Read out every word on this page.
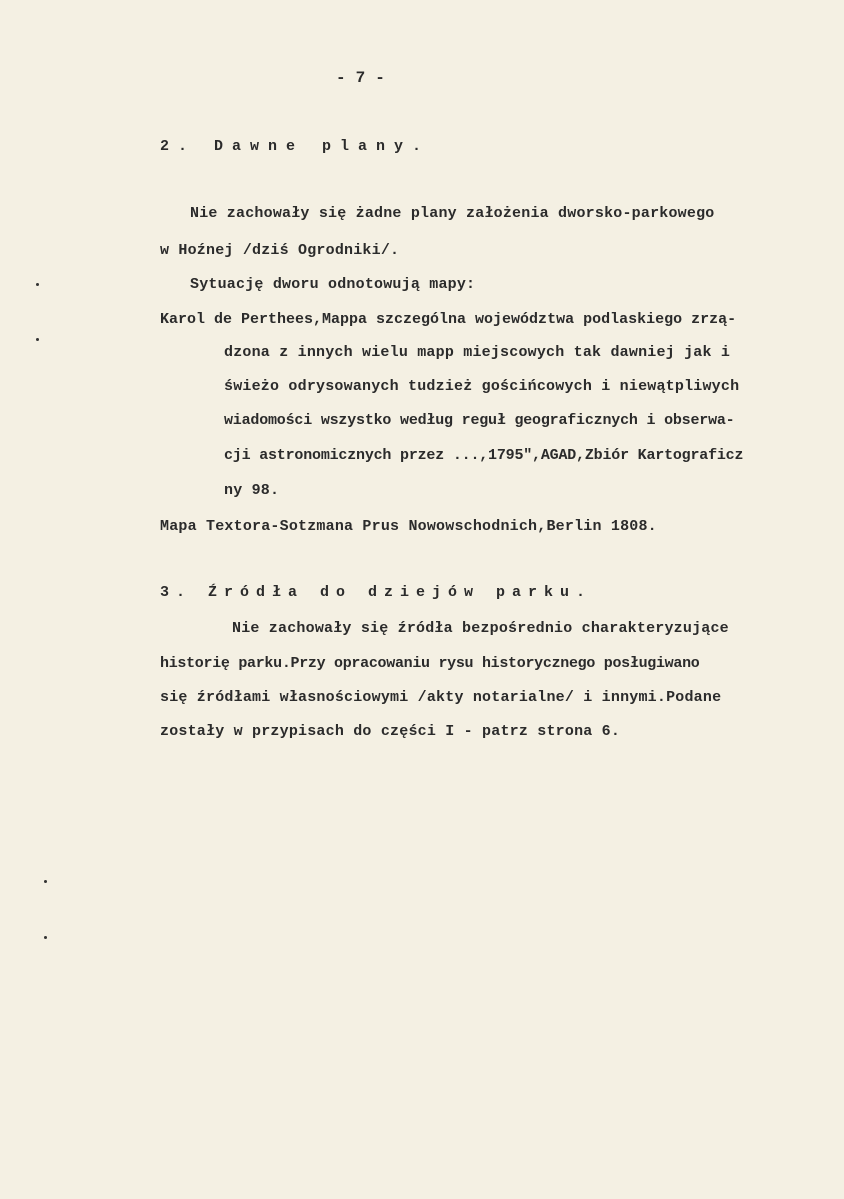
- 7 -
2. Dawne plany.
Nie zachowały się żadne plany założenia dworsko-parkowego
w Hoźnej /dziś Ogrodniki/.
Sytuację dworu odnotowują mapy:
Karol de Perthees,Mappa szczególna województwa podlaskiego zrzą-
dzona z innych wielu mapp miejscowych tak dawniej jak i
świeżo odrysowanych tudzież gościńcowych i niewątpliwych
wiadomości wszystko według reguł geograficznych i obserwa-
cji astronomicznych przez ...,1795",AGAD,Zbiór Kartograficz
ny 98.
Mapa Textora-Sotzmana Prus Nowowschodnich,Berlin 1808.
3. Źródła do dziejów parku.
Nie zachowały się źródła bezpośrednio charakteryzujące
historię parku.Przy opracowaniu rysu historycznego posługiwano
się źródłami własnościowymi /akty notarialne/ i innymi.Podane
zostały w przypisach do części I - patrz strona 6.
